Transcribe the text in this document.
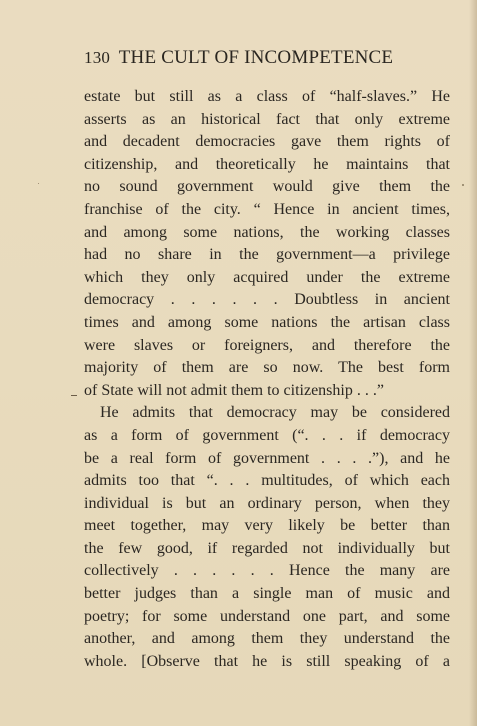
130 THE CULT OF INCOMPETENCE
estate but still as a class of “half-slaves.” He
asserts as an historical fact that only extreme
and decadent democracies gave them rights of
citizenship, and theoretically he maintains that
no sound government would give them the
franchise of the city. “ Hence in ancient times,
and among some nations, the working classes
had no share in the government—a privilege
which they only acquired under the extreme
democracy . . . . . . Doubtless in ancient
times and among some nations the artisan class
were slaves or foreigners, and therefore the
majority of them are so now. The best form
of State will not admit them to citizenship . . .”
He admits that democracy may be considered
as a form of government (“. . . if democracy
be a real form of government . . . .”), and he
admits too that “. . . multitudes, of which each
individual is but an ordinary person, when they
meet together, may very likely be better than
the few good, if regarded not individually but
collectively . . . . . . Hence the many are
better judges than a single man of music and
poetry; for some understand one part, and some
another, and among them they understand the
whole. [Observe that he is still speaking of a
